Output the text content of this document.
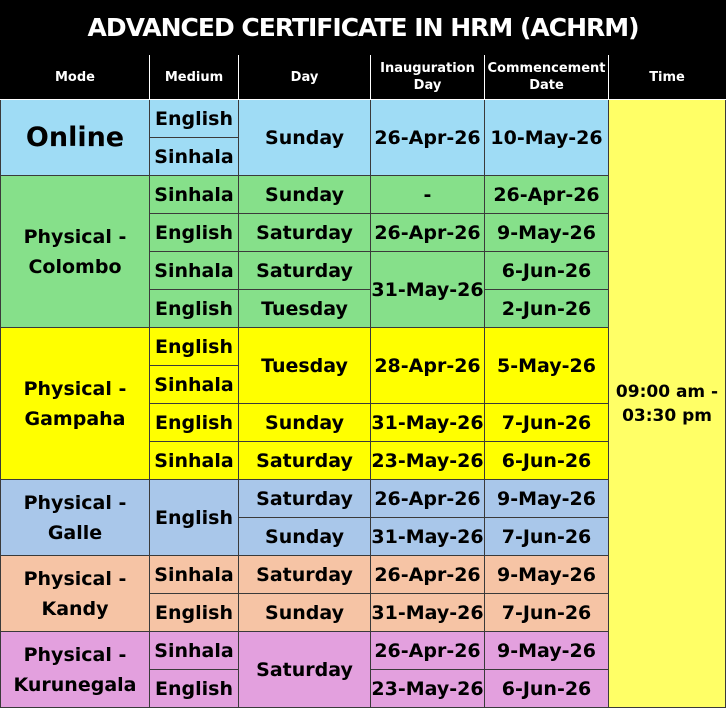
ADVANCED CERTIFICATE IN HRM (ACHRM)					
Mode	Medium	Day	Inauguration Day	Commencement Date	Time
Online	English	Sunday	26-Apr-26	10-May-26	09:00 am - 03:30 pm
	Sinhala				
Physical - Colombo	Sinhala	Sunday	-	26-Apr-26	
	English	Saturday	26-Apr-26	9-May-26	
	Sinhala	Saturday	31-May-26	6-Jun-26	
	English	Tuesday		2-Jun-26	
Physical - Gampaha	English	Tuesday	28-Apr-26	5-May-26	
	Sinhala				
	English	Sunday	31-May-26	7-Jun-26	
	Sinhala	Saturday	23-May-26	6-Jun-26	
Physical - Galle	English	Saturday	26-Apr-26	9-May-26	
		Sunday	31-May-26	7-Jun-26	
Physical - Kandy	Sinhala	Saturday	26-Apr-26	9-May-26	
	English	Sunday	31-May-26	7-Jun-26	
Physical - Kurunegala	Sinhala	Saturday	26-Apr-26	9-May-26	
	English		23-May-26	6-Jun-26	
